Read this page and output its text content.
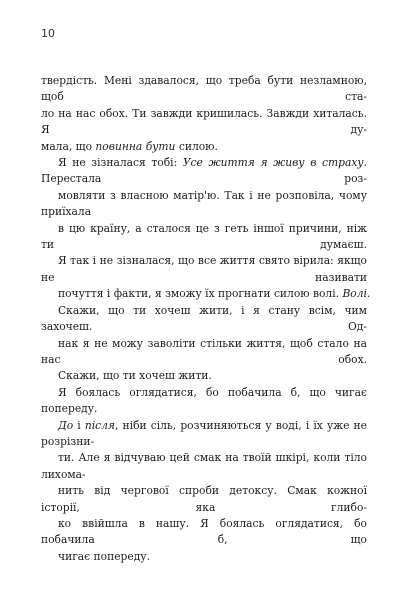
10

твердість. Мені здавалося, що треба бути незламною, щоб ста-
ло на нас обох. Ти завжди кришилась. Завжди хиталась. Я ду-
мала, що повинна бути силою.

Я не зізналася тобі: Усе життя я живу в страху. Перестала роз-
мовляти з власною матір'ю. Так і не розповіла, чому приїхала
в цю країну, а сталося це з геть іншої причини, ніж ти думаєш.
Я так і не зізналася, що все життя свято вірила: якщо не називати
почуття і факти, я зможу їх прогнати силою волі. Волі.

Скажи, що ти хочеш жити, і я стану всім, чим захочеш. Од-
нак я не можу заволіти стільки життя, щоб стало на нас обох.
Скажи, що ти хочеш жити.

Я боялась оглядатися, бо побачила б, що чигає попереду.
До і після, ніби сіль, розчиняються у воді, і їх уже не розрізни-
ти. Але я відчуваю цей смак на твоїй шкірі, коли тіло лихома-
нить від чергової спроби детоксу. Смак кожної історії, яка глибо-
ко ввійшла в нашу. Я боялась оглядатися, бо побачила б, що
чигає попереду.
